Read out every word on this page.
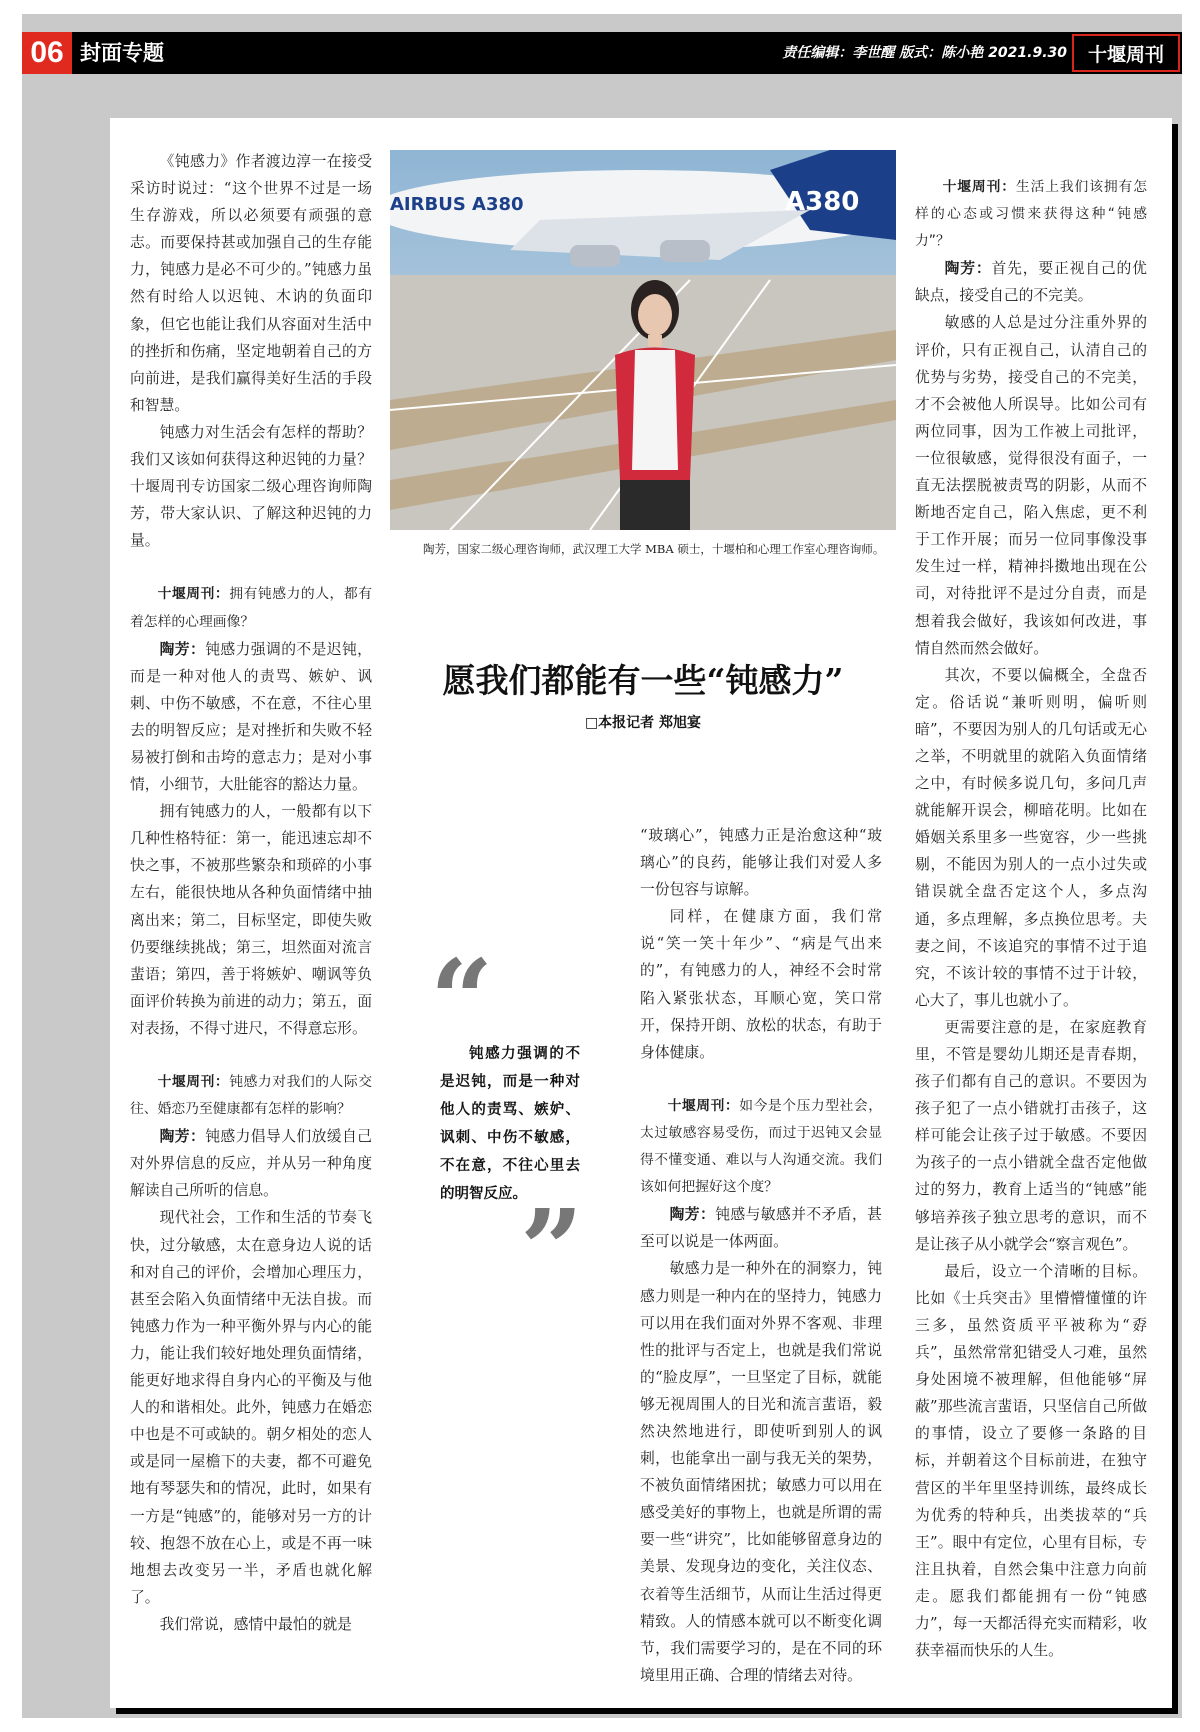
06 封面专题	责任编辑：李世醒 版式：陈小艳 2021.9.30	十堰周刊

《钝感力》作者渡边淳一在接受采访时说过：“这个世界不过是一场生存游戏，所以必须要有顽强的意志。而要保持甚或加强自己的生存能力，钝感力是必不可少的。”钝感力虽然有时给人以迟钝、木讷的负面印象，但它也能让我们从容面对生活中的挫折和伤痛，坚定地朝着自己的方向前进，是我们赢得美好生活的手段和智慧。

钝感力对生活会有怎样的帮助？我们又该如何获得这种迟钝的力量？十堰周刊专访国家二级心理咨询师陶芳，带大家认识、了解这种迟钝的力量。

十堰周刊：拥有钝感力的人，都有着怎样的心理画像？

陶芳：钝感力强调的不是迟钝，而是一种对他人的责骂、嫉妒、讽刺、中伤不敏感，不在意，不往心里去的明智反应；是对挫折和失败不轻易被打倒和击垮的意志力；是对小事情，小细节，大肚能容的豁达力量。

拥有钝感力的人，一般都有以下几种性格特征：第一，能迅速忘却不快之事，不被那些繁杂和琐碎的小事左右，能很快地从各种负面情绪中抽离出来；第二，目标坚定，即使失败仍要继续挑战；第三，坦然面对流言蜚语；第四，善于将嫉妒、嘲讽等负面评价转换为前进的动力；第五，面对表扬，不得寸进尺，不得意忘形。

十堰周刊：钝感力对我们的人际交往、婚恋乃至健康都有怎样的影响？

陶芳：钝感力倡导人们放缓自己对外界信息的反应，并从另一种角度解读自己所听的信息。

现代社会，工作和生活的节奏飞快，过分敏感，太在意身边人说的话和对自己的评价，会增加心理压力，甚至会陷入负面情绪中无法自拔。而钝感力作为一种平衡外界与内心的能力，能让我们较好地处理负面情绪，能更好地求得自身内心的平衡及与他人的和谐相处。此外，钝感力在婚恋中也是不可或缺的。朝夕相处的恋人或是同一屋檐下的夫妻，都不可避免地有琴瑟失和的情况，此时，如果有一方是“钝感”的，能够对另一方的计较、抱怨不放在心上，或是不再一味地想去改变另一半，矛盾也就化解了。

我们常说，感情中最怕的就是

AIRBUS A380	A380
陶芳，国家二级心理咨询师，武汉理工大学 MBA 硕士，十堰柏和心理工作室心理咨询师。
愿我们都能有一些“钝感力”
□本报记者 郑旭宴
“
钝感力强调的不是迟钝，而是一种对他人的责骂、嫉妒、讽刺、中伤不敏感，不在意，不往心里去的明智反应。
”

“玻璃心”，钝感力正是治愈这种“玻璃心”的良药，能够让我们对爱人多一份包容与谅解。

同样，在健康方面，我们常说“笑一笑十年少”、“病是气出来的”，有钝感力的人，神经不会时常陷入紧张状态，耳顺心宽，笑口常开，保持开朗、放松的状态，有助于身体健康。

十堰周刊：如今是个压力型社会，太过敏感容易受伤，而过于迟钝又会显得不懂变通、难以与人沟通交流。我们该如何把握好这个度？

陶芳：钝感与敏感并不矛盾，甚至可以说是一体两面。

敏感力是一种外在的洞察力，钝感力则是一种内在的坚持力，钝感力可以用在我们面对外界不客观、非理性的批评与否定上，也就是我们常说的“脸皮厚”，一旦坚定了目标，就能够无视周围人的目光和流言蜚语，毅然决然地进行，即使听到别人的讽刺，也能拿出一副与我无关的架势，不被负面情绪困扰；敏感力可以用在感受美好的事物上，也就是所谓的需要一些“讲究”，比如能够留意身边的美景、发现身边的变化，关注仪态、衣着等生活细节，从而让生活过得更精致。人的情感本就可以不断变化调节，我们需要学习的，是在不同的环境里用正确、合理的情绪去对待。

十堰周刊：生活上我们该拥有怎样的心态或习惯来获得这种“钝感力”？

陶芳：首先，要正视自己的优缺点，接受自己的不完美。

敏感的人总是过分注重外界的评价，只有正视自己，认清自己的优势与劣势，接受自己的不完美，才不会被他人所误导。比如公司有两位同事，因为工作被上司批评，一位很敏感，觉得很没有面子，一直无法摆脱被责骂的阴影，从而不断地否定自己，陷入焦虑，更不利于工作开展；而另一位同事像没事发生过一样，精神抖擞地出现在公司，对待批评不是过分自责，而是想着我会做好，我该如何改进，事情自然而然会做好。

其次，不要以偏概全，全盘否定。俗话说“兼听则明，偏听则暗”，不要因为别人的几句话或无心之举，不明就里的就陷入负面情绪之中，有时候多说几句，多问几声就能解开误会，柳暗花明。比如在婚姻关系里多一些宽容，少一些挑剔，不能因为别人的一点小过失或错误就全盘否定这个人，多点沟通，多点理解，多点换位思考。夫妻之间，不该追究的事情不过于追究，不该计较的事情不过于计较，心大了，事儿也就小了。

更需要注意的是，在家庭教育里，不管是婴幼儿期还是青春期，孩子们都有自己的意识。不要因为孩子犯了一点小错就打击孩子，这样可能会让孩子过于敏感。不要因为孩子的一点小错就全盘否定他做过的努力，教育上适当的“钝感”能够培养孩子独立思考的意识，而不是让孩子从小就学会“察言观色”。

最后，设立一个清晰的目标。比如《士兵突击》里懵懵懂懂的许三多，虽然资质平平被称为“孬兵”，虽然常常犯错受人刁难，虽然身处困境不被理解，但他能够“屏蔽”那些流言蜚语，只坚信自己所做的事情，设立了要修一条路的目标，并朝着这个目标前进，在独守营区的半年里坚持训练，最终成长为优秀的特种兵，出类拔萃的“兵王”。眼中有定位，心里有目标，专注且执着，自然会集中注意力向前走。愿我们都能拥有一份“钝感力”，每一天都活得充实而精彩，收获幸福而快乐的人生。
